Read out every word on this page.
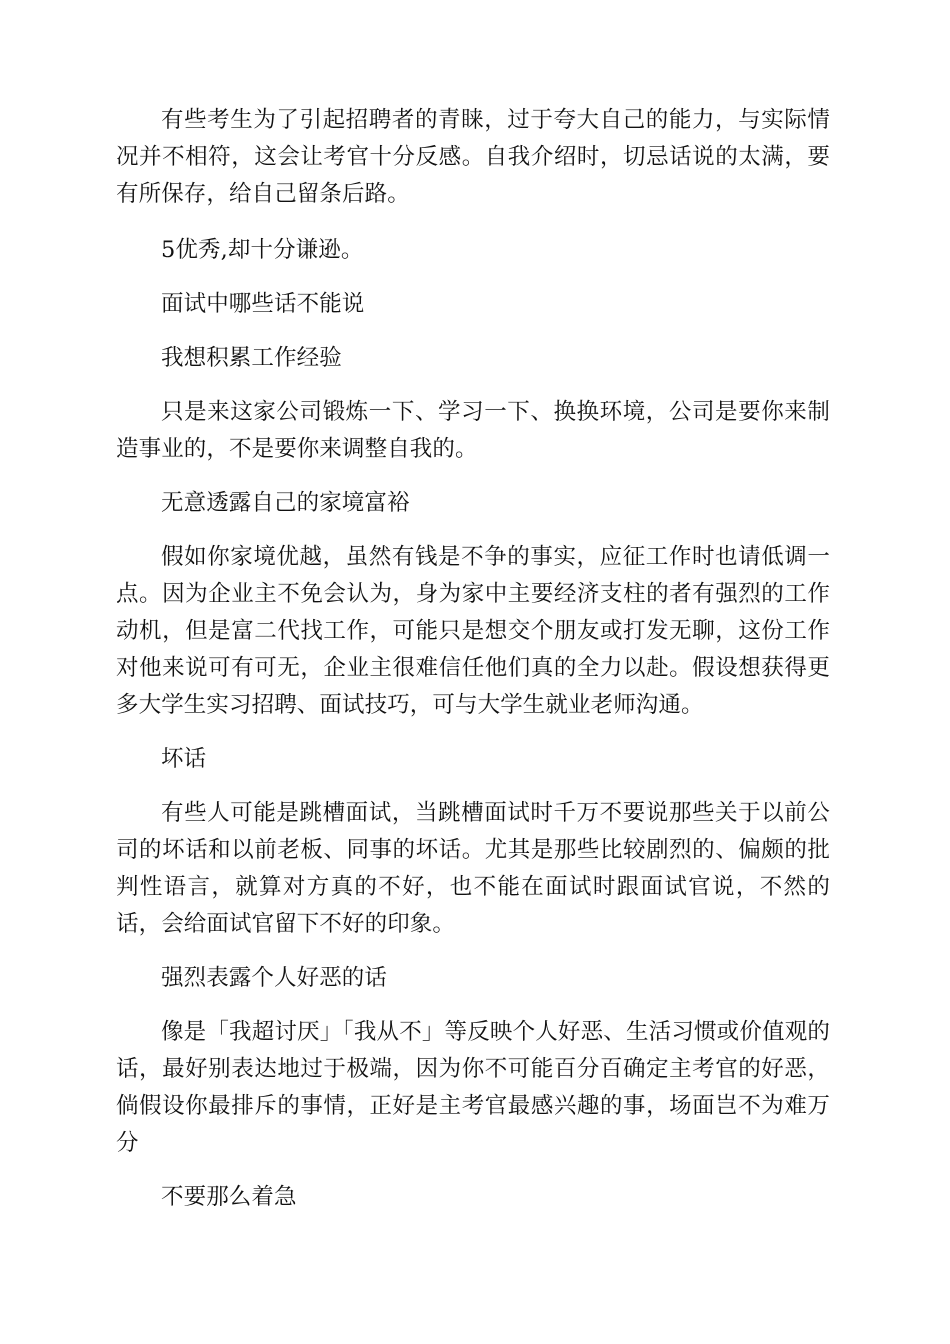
有些考生为了引起招聘者的青睐，过于夸大自己的能力，与实际情况并不相符，这会让考官十分反感。自我介绍时，切忌话说的太满，要有所保存，给自己留条后路。

5优秀,却十分谦逊。

面试中哪些话不能说

我想积累工作经验

只是来这家公司锻炼一下、学习一下、换换环境，公司是要你来制造事业的，不是要你来调整自我的。

无意透露自己的家境富裕

假如你家境优越，虽然有钱是不争的事实，应征工作时也请低调一点。因为企业主不免会认为，身为家中主要经济支柱的者有强烈的工作动机，但是富二代找工作，可能只是想交个朋友或打发无聊，这份工作对他来说可有可无，企业主很难信任他们真的全力以赴。假设想获得更多大学生实习招聘、面试技巧，可与大学生就业老师沟通。

坏话

有些人可能是跳槽面试，当跳槽面试时千万不要说那些关于以前公司的坏话和以前老板、同事的坏话。尤其是那些比较剧烈的、偏颇的批判性语言，就算对方真的不好，也不能在面试时跟面试官说，不然的话，会给面试官留下不好的印象。

强烈表露个人好恶的话

像是「我超讨厌」「我从不」等反映个人好恶、生活习惯或价值观的话，最好别表达地过于极端，因为你不可能百分百确定主考官的好恶，倘假设你最排斥的事情，正好是主考官最感兴趣的事，场面岂不为难万分

不要那么着急
